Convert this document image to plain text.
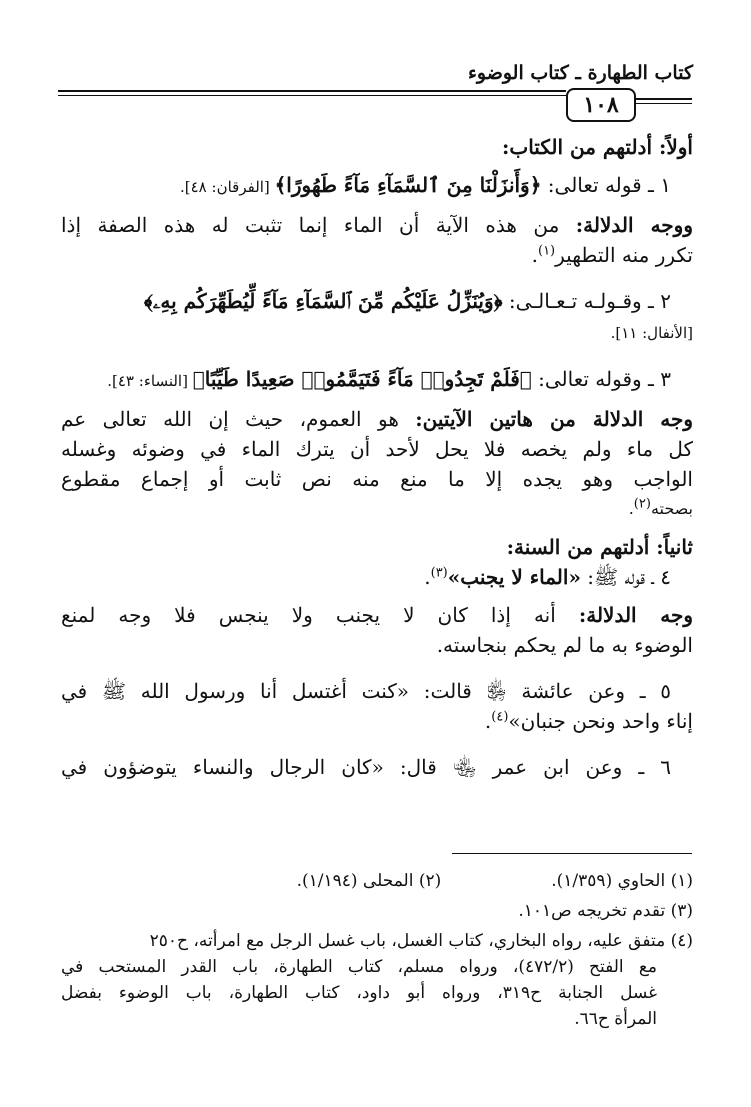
كتاب الطهارة ـ كتاب الوضوء
١٠٨
أولاً: أدلتهم من الكتاب:
١ ـ قوله تعالى: ﴿وَأَنزَلْنَا مِنَ ٱلسَّمَآءِ مَآءً طَهُورًا﴾ [الفرقان: ٤٨].
ووجه الدلالة: من هذه الآية أن الماء إنما تثبت له هذه الصفة إذا
تكرر منه التطهير$^{(١)}$.
٢ ـ وقـولـه تـعـالـى: ﴿وَيُنَزِّلُ عَلَيْكُم مِّنَ ٱلسَّمَآءِ مَآءً لِّيُطَهِّرَكُم بِهِۦ﴾
[الأنفال: ١١].
٣ ـ وقوله تعالى: ﴿فَلَمْ تَجِدُوا۟ مَآءً فَتَيَمَّمُوا۟ صَعِيدًا طَيِّبًا﴾ [النساء: ٤٣].
وجه الدلالة من هاتين الآيتين: هو العموم، حيث إن الله تعالى عم
كل ماء ولم يخصه فلا يحل لأحد أن يترك الماء في وضوئه وغسله
الواجب وهو يجده إلا ما منع منه نص ثابت أو إجماع مقطوع
بصحته$^{(٢)}$.
ثانياً: أدلتهم من السنة:
٤ ـ قوله ﷺ: «الماء لا يجنب»$^{(٣)}$.
وجه الدلالة: أنه إذا كان لا يجنب ولا ينجس فلا وجه لمنع
الوضوء به ما لم يحكم بنجاسته.
٥ ـ وعن عائشة ﵂ قالت: «كنت أغتسل أنا ورسول الله ﷺ في
إناء واحد ونحن جنبان»$^{(٤)}$.
٦ ـ وعن ابن عمر ﵄ قال: «كان الرجال والنساء يتوضؤون في
(١) الحاوي (١/٣٥٩).
(٢) المحلى (١/١٩٤).
(٣) تقدم تخريجه ص١٠١.
(٤) متفق عليه، رواه البخاري، كتاب الغسل، باب غسل الرجل مع امرأته، ح٢٥٠
مع الفتح (٤٧٢/٢)، ورواه مسلم، كتاب الطهارة، باب القدر المستحب في
غسل الجنابة ح٣١٩، ورواه أبو داود، كتاب الطهارة، باب الوضوء بفضل
المرأة ح٦٦.
